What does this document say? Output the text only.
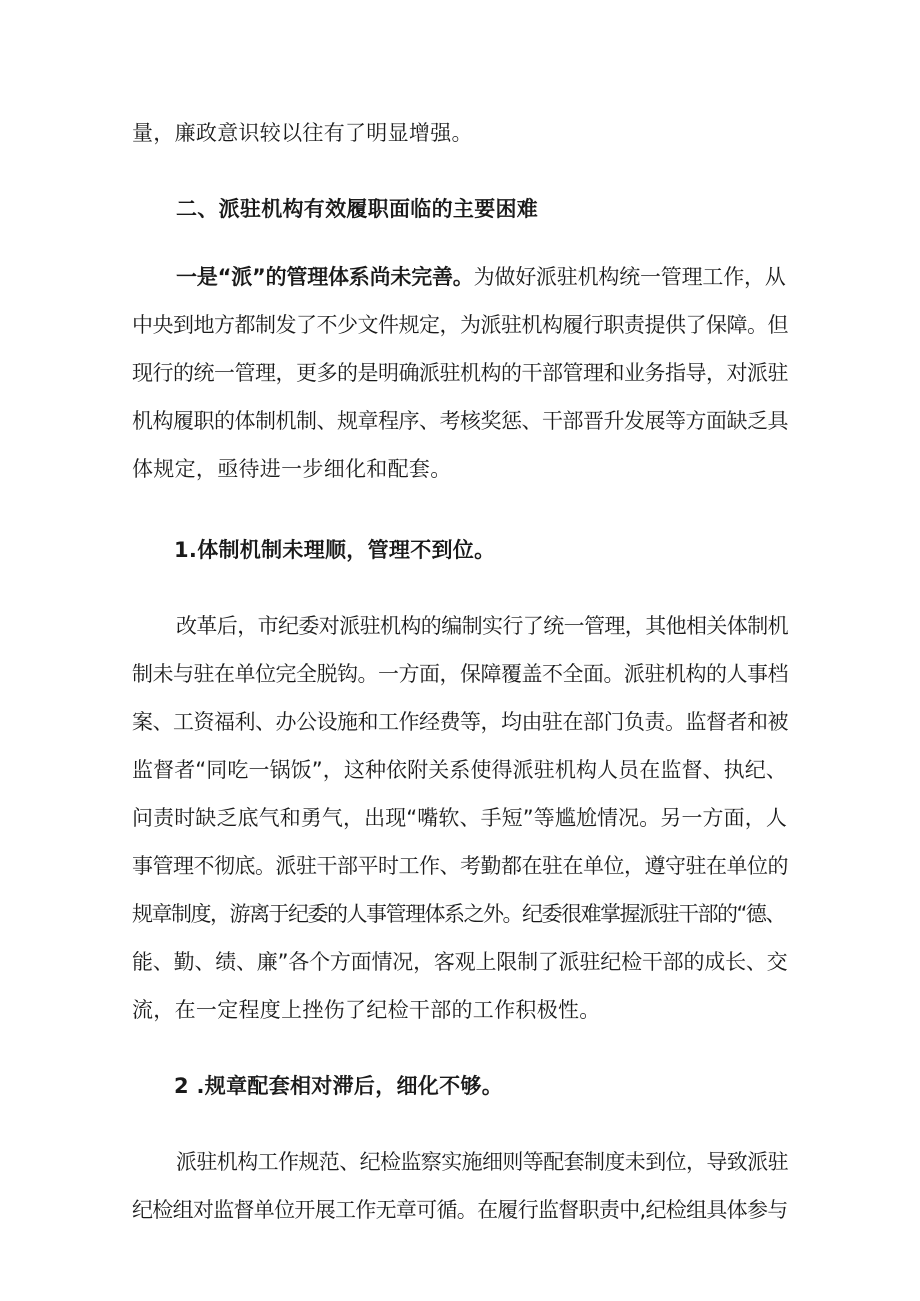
量，廉政意识较以往有了明显增强。
二、派驻机构有效履职面临的主要困难
一是“派”的管理体系尚未完善。为做好派驻机构统一管理工作，从
中央到地方都制发了不少文件规定，为派驻机构履行职责提供了保障。但
现行的统一管理，更多的是明确派驻机构的干部管理和业务指导，对派驻
机构履职的体制机制、规章程序、考核奖惩、干部晋升发展等方面缺乏具
体规定，亟待进一步细化和配套。
1.体制机制未理顺，管理不到位。
改革后，市纪委对派驻机构的编制实行了统一管理，其他相关体制机
制未与驻在单位完全脱钩。一方面，保障覆盖不全面。派驻机构的人事档
案、工资福利、办公设施和工作经费等，均由驻在部门负责。监督者和被
监督者“同吃一锅饭”，这种依附关系使得派驻机构人员在监督、执纪、
问责时缺乏底气和勇气，出现“嘴软、手短”等尴尬情况。另一方面，人
事管理不彻底。派驻干部平时工作、考勤都在驻在单位，遵守驻在单位的
规章制度，游离于纪委的人事管理体系之外。纪委很难掌握派驻干部的“德、
能、勤、绩、廉”各个方面情况，客观上限制了派驻纪检干部的成长、交
流，在一定程度上挫伤了纪检干部的工作积极性。
2 .规章配套相对滞后，细化不够。
派驻机构工作规范、纪检监察实施细则等配套制度未到位，导致派驻
纪检组对监督单位开展工作无章可循。在履行监督职责中,纪检组具体参与
